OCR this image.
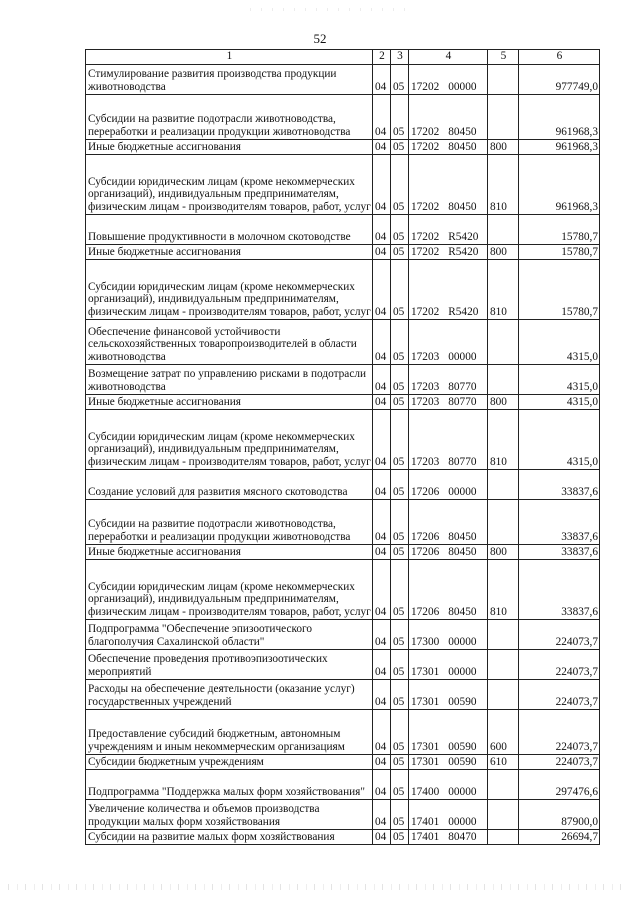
52
1	2	3	4	5	6
Стимулирование развития производства продукции животноводства	04	05	17202 00000		977749,0
Субсидии на развитие подотрасли животноводства, переработки и реализации продукции животноводства	04	05	17202 80450		961968,3
Иные бюджетные ассигнования	04	05	17202 80450	800	961968,3
Субсидии юридическим лицам (кроме некоммерческих организаций), индивидуальным предпринимателям, физическим лицам - производителям товаров, работ, услуг	04	05	17202 80450	810	961968,3
Повышение продуктивности в молочном скотоводстве	04	05	17202 R5420		15780,7
Иные бюджетные ассигнования	04	05	17202 R5420	800	15780,7
Субсидии юридическим лицам (кроме некоммерческих организаций), индивидуальным предпринимателям, физическим лицам - производителям товаров, работ, услуг	04	05	17202 R5420	810	15780,7
Обеспечение финансовой устойчивости сельскохозяйственных товаропроизводителей в области животноводства	04	05	17203 00000		4315,0
Возмещение затрат по управлению рисками в подотрасли животноводства	04	05	17203 80770		4315,0
Иные бюджетные ассигнования	04	05	17203 80770	800	4315,0
Субсидии юридическим лицам (кроме некоммерческих организаций), индивидуальным предпринимателям, физическим лицам - производителям товаров, работ, услуг	04	05	17203 80770	810	4315,0
Создание условий для развития мясного скотоводства	04	05	17206 00000		33837,6
Субсидии на развитие подотрасли животноводства, переработки и реализации продукции животноводства	04	05	17206 80450		33837,6
Иные бюджетные ассигнования	04	05	17206 80450	800	33837,6
Субсидии юридическим лицам (кроме некоммерческих организаций), индивидуальным предпринимателям, физическим лицам - производителям товаров, работ, услуг	04	05	17206 80450	810	33837,6
Подпрограмма "Обеспечение эпизоотического благополучия Сахалинской области"	04	05	17300 00000		224073,7
Обеспечение проведения противоэпизоотических мероприятий	04	05	17301 00000		224073,7
Расходы на обеспечение деятельности (оказание услуг) государственных учреждений	04	05	17301 00590		224073,7
Предоставление субсидий бюджетным, автономным учреждениям и иным некоммерческим организациям	04	05	17301 00590	600	224073,7
Субсидии бюджетным учреждениям	04	05	17301 00590	610	224073,7
Подпрограмма "Поддержка малых форм хозяйствования"	04	05	17400 00000		297476,6
Увеличение количества и объемов производства продукции малых форм хозяйствования	04	05	17401 00000		87900,0
Субсидии на развитие малых форм хозяйствования	04	05	17401 80470		26694,7
